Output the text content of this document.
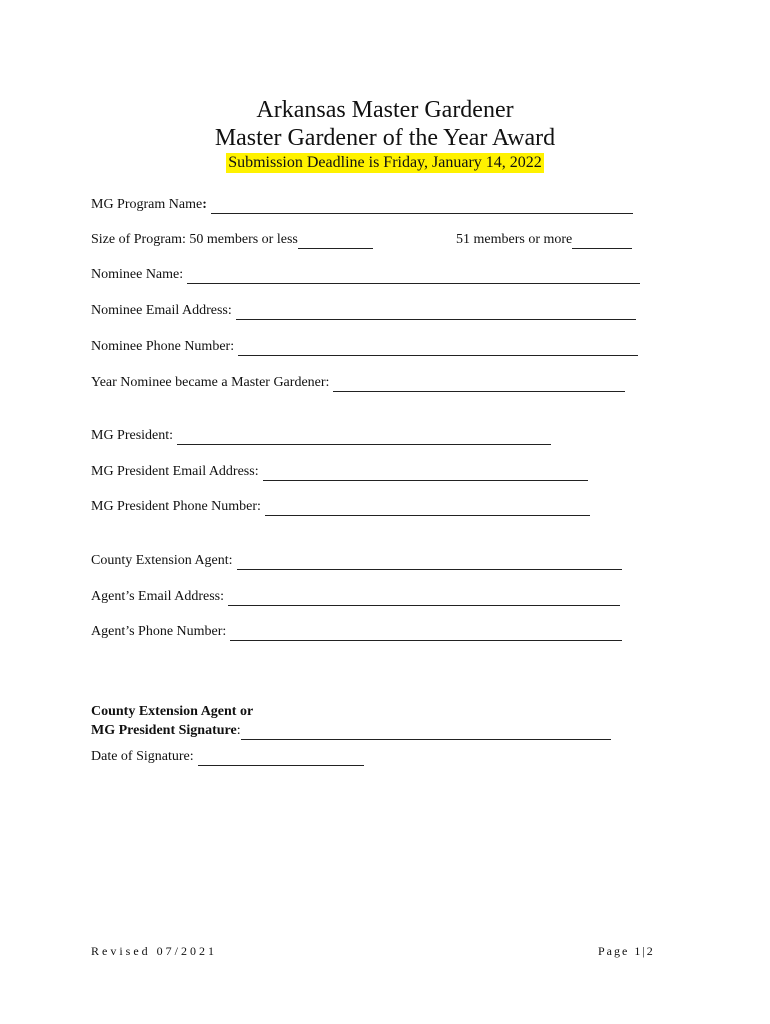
Arkansas Master Gardener
Master Gardener of the Year Award
Submission Deadline is Friday, January 14, 2022
MG Program Name :
Size of Program: 50 members or less	51 members or more
Nominee Name:
Nominee Email Address:
Nominee Phone Number:
Year Nominee became a Master Gardener:
MG President:
MG President Email Address:
MG President Phone Number:
County Extension Agent:
Agent’s Email Address:
Agent’s Phone Number:
County Extension Agent or
MG President Signature :
Date of Signature:
Revised 07/2021	Page 1|2
